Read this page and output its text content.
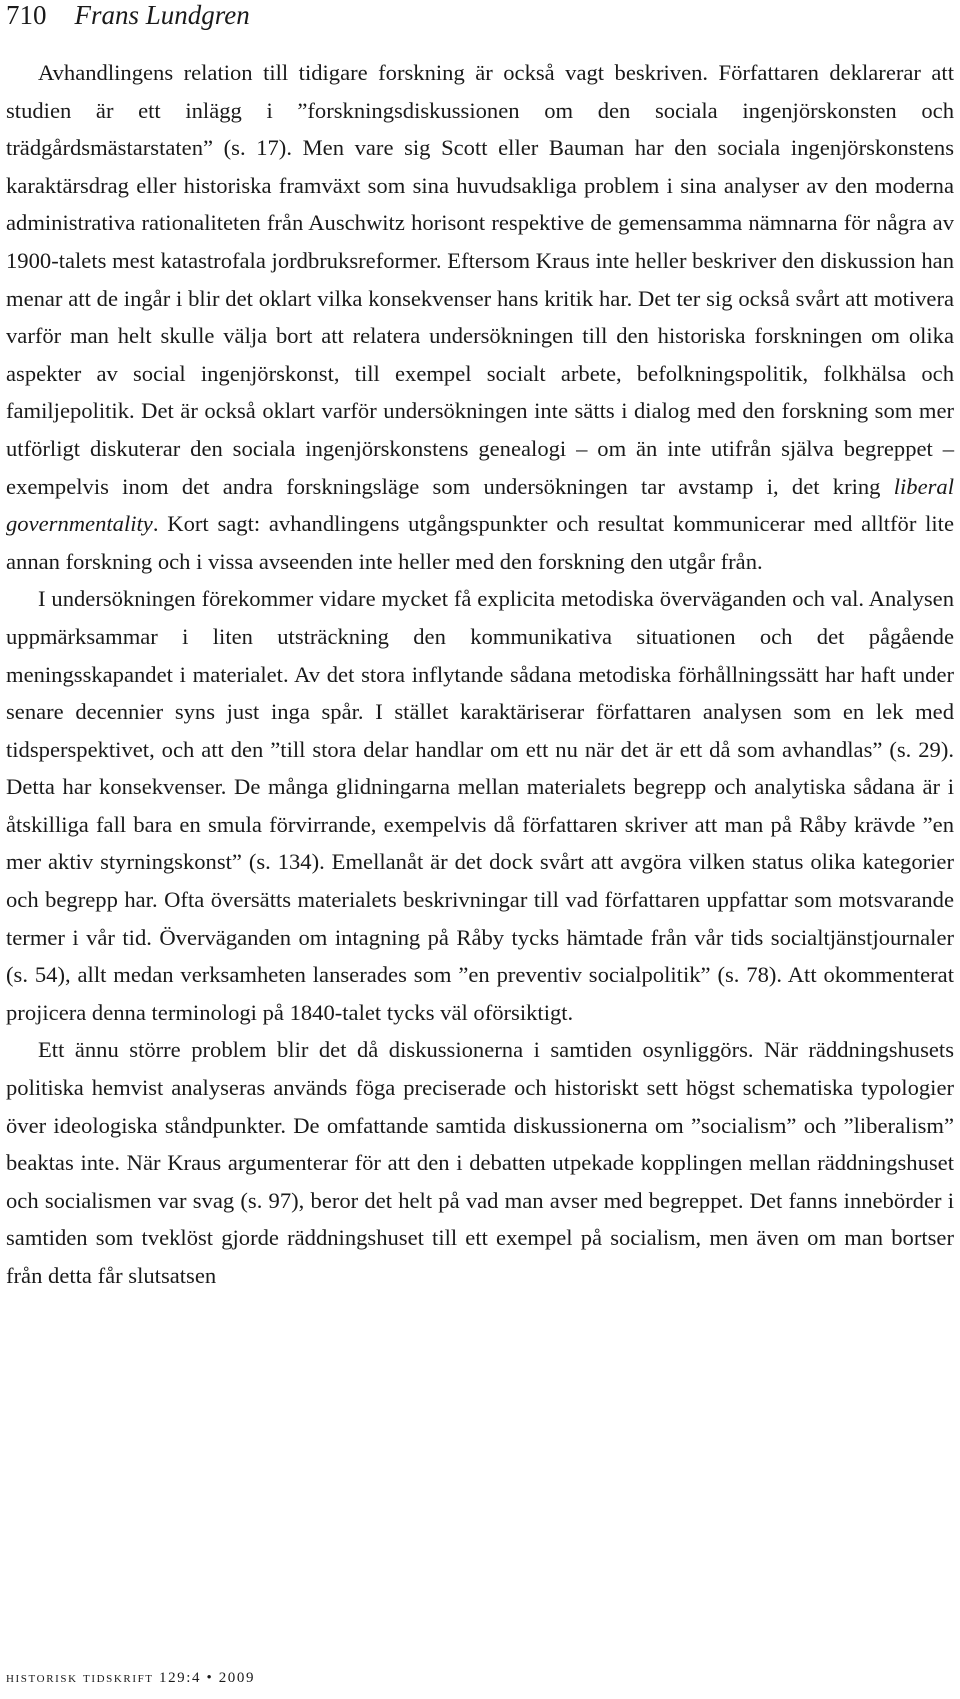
710 Frans Lundgren

Avhandlingens relation till tidigare forskning är också vagt beskriven. Författaren deklarerar att studien är ett inlägg i ”forskningsdiskussionen om den sociala ingenjörskonsten och trädgårdsmästarstaten” (s. 17). Men vare sig Scott eller Bauman har den sociala ingenjörskonstens karaktärsdrag eller historiska framväxt som sina huvudsakliga problem i sina analyser av den moderna administrativa rationaliteten från Auschwitz horisont respektive de gemensamma nämnarna för några av 1900-talets mest katastrofala jordbruksreformer. Eftersom Kraus inte heller beskriver den diskussion han menar att de ingår i blir det oklart vilka konsekvenser hans kritik har. Det ter sig också svårt att motivera varför man helt skulle välja bort att relatera undersökningen till den historiska forskningen om olika aspekter av social ingenjörskonst, till exempel socialt arbete, befolkningspolitik, folkhälsa och familjepolitik. Det är också oklart varför undersökningen inte sätts i dialog med den forskning som mer utförligt diskuterar den sociala ingenjörskonstens genealogi – om än inte utifrån själva begreppet – exempelvis inom det andra forskningsläge som undersökningen tar avstamp i, det kring liberal governmentality. Kort sagt: avhandlingens utgångspunkter och resultat kommunicerar med alltför lite annan forskning och i vissa avseenden inte heller med den forskning den utgår från.

I undersökningen förekommer vidare mycket få explicita metodiska överväganden och val. Analysen uppmärksammar i liten utsträckning den kommunikativa situationen och det pågående meningsskapandet i materialet. Av det stora inflytande sådana metodiska förhållningssätt har haft under senare decennier syns just inga spår. I stället karaktäriserar författaren analysen som en lek med tidsperspektivet, och att den ”till stora delar handlar om ett nu när det är ett då som avhandlas” (s. 29). Detta har konsekvenser. De många glidningarna mellan materialets begrepp och analytiska sådana är i åtskilliga fall bara en smula förvirrande, exempelvis då författaren skriver att man på Råby krävde ”en mer aktiv styrningskonst” (s. 134). Emellanåt är det dock svårt att avgöra vilken status olika kategorier och begrepp har. Ofta översätts materialets beskrivningar till vad författaren uppfattar som motsvarande termer i vår tid. Överväganden om intagning på Råby tycks hämtade från vår tids socialtjänstjournaler (s. 54), allt medan verksamheten lanserades som ”en preventiv socialpolitik” (s. 78). Att okommenterat projicera denna terminologi på 1840-talet tycks väl oförsiktigt.

Ett ännu större problem blir det då diskussionerna i samtiden osynliggörs. När räddningshusets politiska hemvist analyseras används föga preciserade och historiskt sett högst schematiska typologier över ideologiska ståndpunkter. De omfattande samtida diskussionerna om ”socialism” och ”liberalism” beaktas inte. När Kraus argumenterar för att den i debatten utpekade kopplingen mellan räddningshuset och socialismen var svag (s. 97), beror det helt på vad man avser med begreppet. Det fanns innebörder i samtiden som tveklöst gjorde räddningshuset till ett exempel på socialism, men även om man bortser från detta får slutsatsen

historisk tidskrift 129:4 • 2009
